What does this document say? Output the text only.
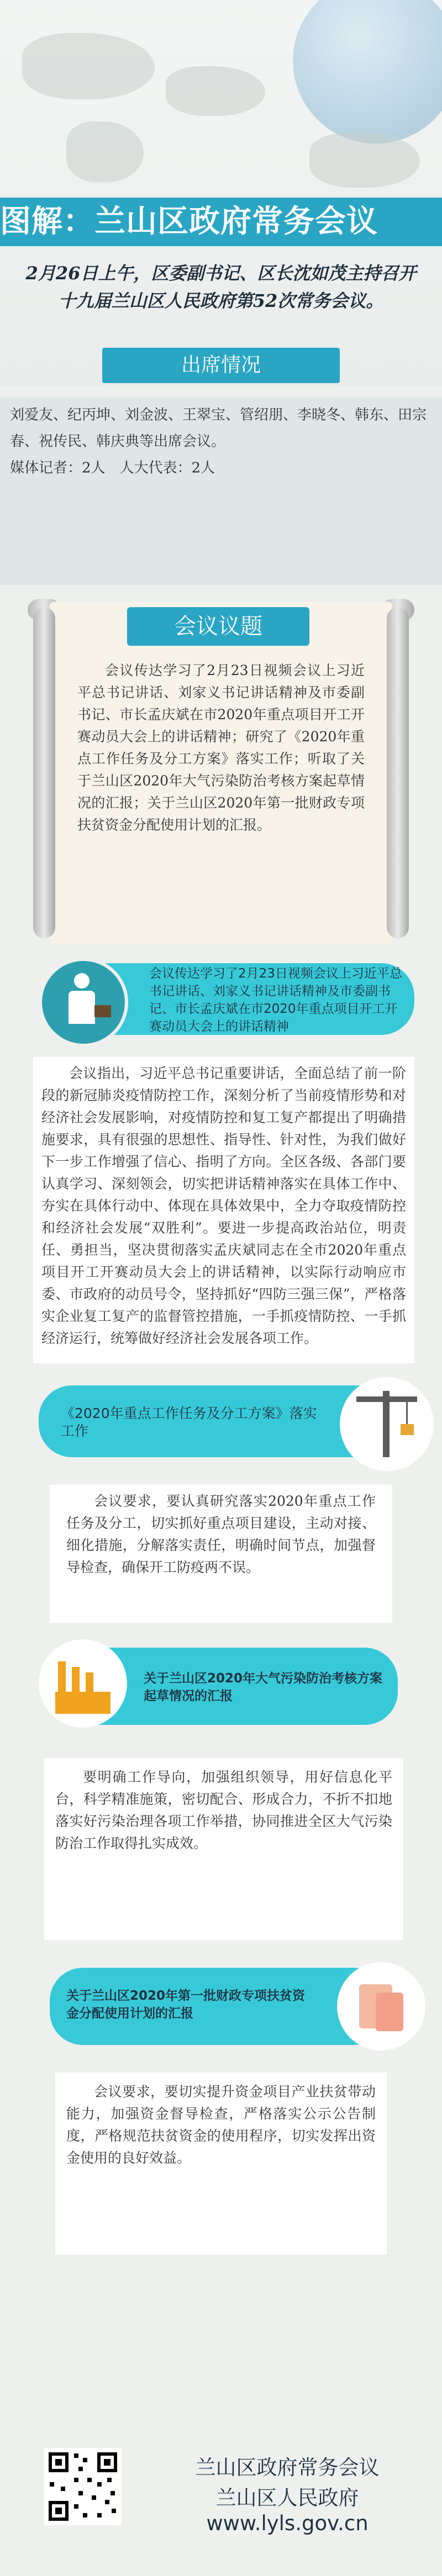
图解：兰山区政府常务会议
2月26日上午，区委副书记、区长沈如茂主持召开十九届兰山区人民政府第52次常务会议。
出席情况
刘爱友、纪丙坤、刘金波、王翠宝、管绍朋、李晓冬、韩东、田宗春、祝传民、韩庆典等出席会议。
媒体记者：2人　人大代表：2人
会议议题
会议传达学习了2月23日视频会议上习近平总书记讲话、刘家义书记讲话精神及市委副书记、市长孟庆斌在市2020年重点项目开工开赛动员大会上的讲话精神；研究了《2020年重点工作任务及分工方案》落实工作；听取了关于兰山区2020年大气污染防治考核方案起草情况的汇报；关于兰山区2020年第一批财政专项扶贫资金分配使用计划的汇报。
会议传达学习了2月23日视频会议上习近平总书记讲话、刘家义书记讲话精神及市委副书记、市长孟庆斌在市2020年重点项目开工开赛动员大会上的讲话精神
会议指出，习近平总书记重要讲话，全面总结了前一阶段的新冠肺炎疫情防控工作，深刻分析了当前疫情形势和对经济社会发展影响，对疫情防控和复工复产都提出了明确措施要求，具有很强的思想性、指导性、针对性，为我们做好下一步工作增强了信心、指明了方向。全区各级、各部门要认真学习、深刻领会，切实把讲话精神落实在具体工作中、夯实在具体行动中、体现在具体效果中，全力夺取疫情防控和经济社会发展“双胜利”。要进一步提高政治站位，明责任、勇担当，坚决贯彻落实孟庆斌同志在全市2020年重点项目开工开赛动员大会上的讲话精神，以实际行动响应市委、市政府的动员号令，坚持抓好“四防三强三保”，严格落实企业复工复产的监督管控措施，一手抓疫情防控、一手抓经济运行，统筹做好经济社会发展各项工作。
《2020年重点工作任务及分工方案》落实工作
会议要求，要认真研究落实2020年重点工作任务及分工，切实抓好重点项目建设，主动对接、细化措施，分解落实责任，明确时间节点，加强督导检查，确保开工防疫两不误。
关于兰山区2020年大气污染防治考核方案起草情况的汇报
要明确工作导向，加强组织领导，用好信息化平台，科学精准施策，密切配合、形成合力，不折不扣地落实好污染治理各项工作举措，协同推进全区大气污染防治工作取得扎实成效。
关于兰山区2020年第一批财政专项扶贫资金分配使用计划的汇报
会议要求，要切实提升资金项目产业扶贫带动能力，加强资金督导检查，严格落实公示公告制度，严格规范扶贫资金的使用程序，切实发挥出资金使用的良好效益。
兰山区政府常务会议
兰山区人民政府
www.lyls.gov.cn
